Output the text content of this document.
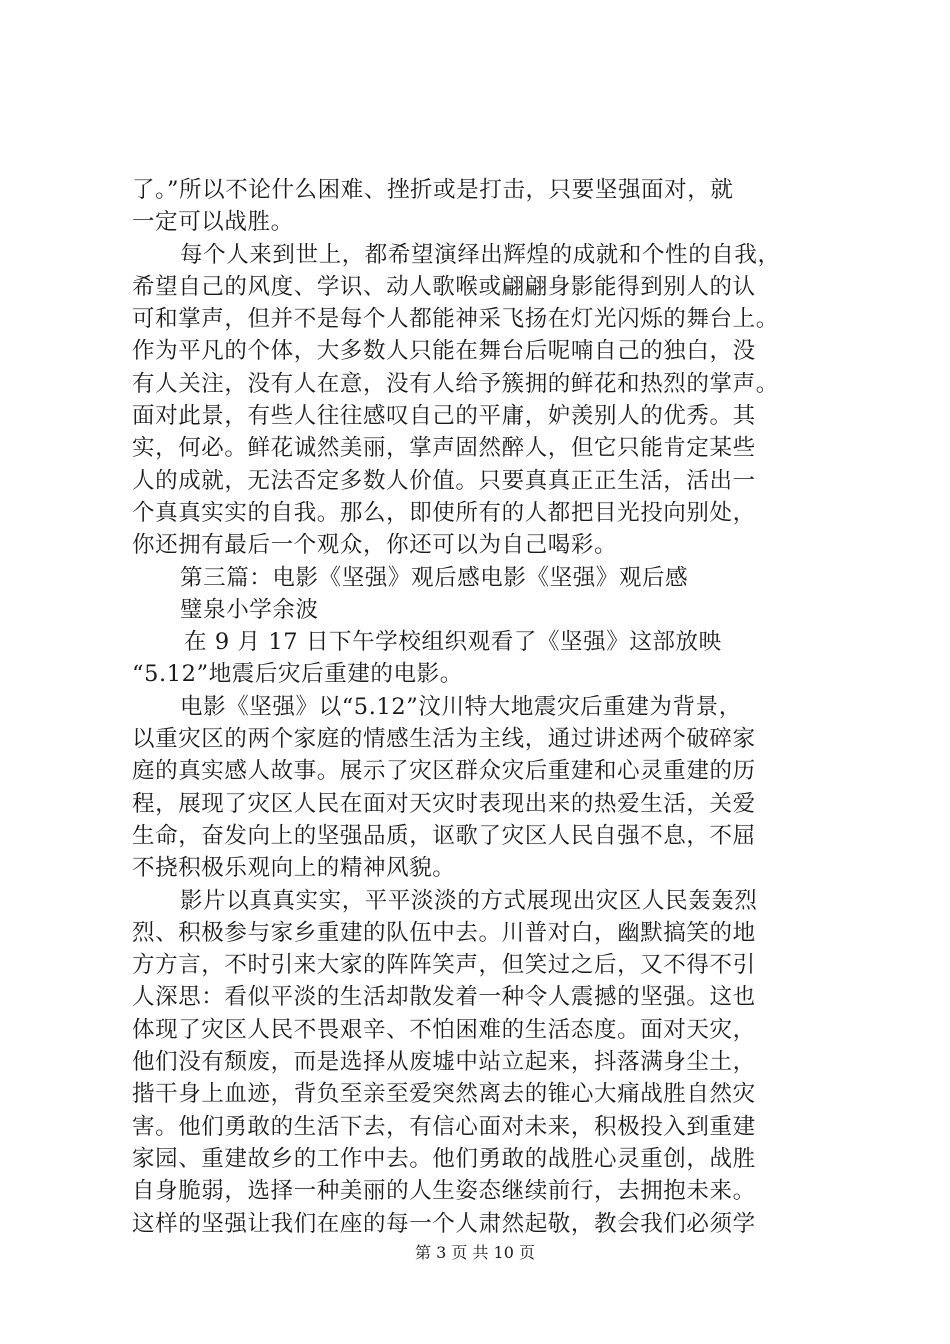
了。”所以不论什么困难、挫折或是打击，只要坚强面对，就
一定可以战胜。
每个人来到世上，都希望演绎出辉煌的成就和个性的自我，
希望自己的风度、学识、动人歌喉或翩翩身影能得到别人的认
可和掌声，但并不是每个人都能神采飞扬在灯光闪烁的舞台上。
作为平凡的个体，大多数人只能在舞台后呢喃自己的独白，没
有人关注，没有人在意，没有人给予簇拥的鲜花和热烈的掌声。
面对此景，有些人往往感叹自己的平庸，妒羡别人的优秀。其
实，何必。鲜花诚然美丽，掌声固然醉人，但它只能肯定某些
人的成就，无法否定多数人价值。只要真真正正生活，活出一
个真真实实的自我。那么，即使所有的人都把目光投向别处，
你还拥有最后一个观众，你还可以为自己喝彩。
第三篇：电影《坚强》观后感电影《坚强》观后感
璧泉小学余波
在 9 月 17 日下午学校组织观看了《坚强》这部放映
“5.12”地震后灾后重建的电影。
电影《坚强》以“5.12”汶川特大地震灾后重建为背景，
以重灾区的两个家庭的情感生活为主线，通过讲述两个破碎家
庭的真实感人故事。展示了灾区群众灾后重建和心灵重建的历
程，展现了灾区人民在面对天灾时表现出来的热爱生活，关爱
生命，奋发向上的坚强品质，讴歌了灾区人民自强不息，不屈
不挠积极乐观向上的精神风貌。
影片以真真实实，平平淡淡的方式展现出灾区人民轰轰烈
烈、积极参与家乡重建的队伍中去。川普对白，幽默搞笑的地
方方言，不时引来大家的阵阵笑声，但笑过之后，又不得不引
人深思：看似平淡的生活却散发着一种令人震撼的坚强。这也
体现了灾区人民不畏艰辛、不怕困难的生活态度。面对天灾，
他们没有颓废，而是选择从废墟中站立起来，抖落满身尘土，
揩干身上血迹，背负至亲至爱突然离去的锥心大痛战胜自然灾
害。他们勇敢的生活下去，有信心面对未来，积极投入到重建
家园、重建故乡的工作中去。他们勇敢的战胜心灵重创，战胜
自身脆弱，选择一种美丽的人生姿态继续前行，去拥抱未来。
这样的坚强让我们在座的每一个人肃然起敬，教会我们必须学
第 3 页 共 10 页
